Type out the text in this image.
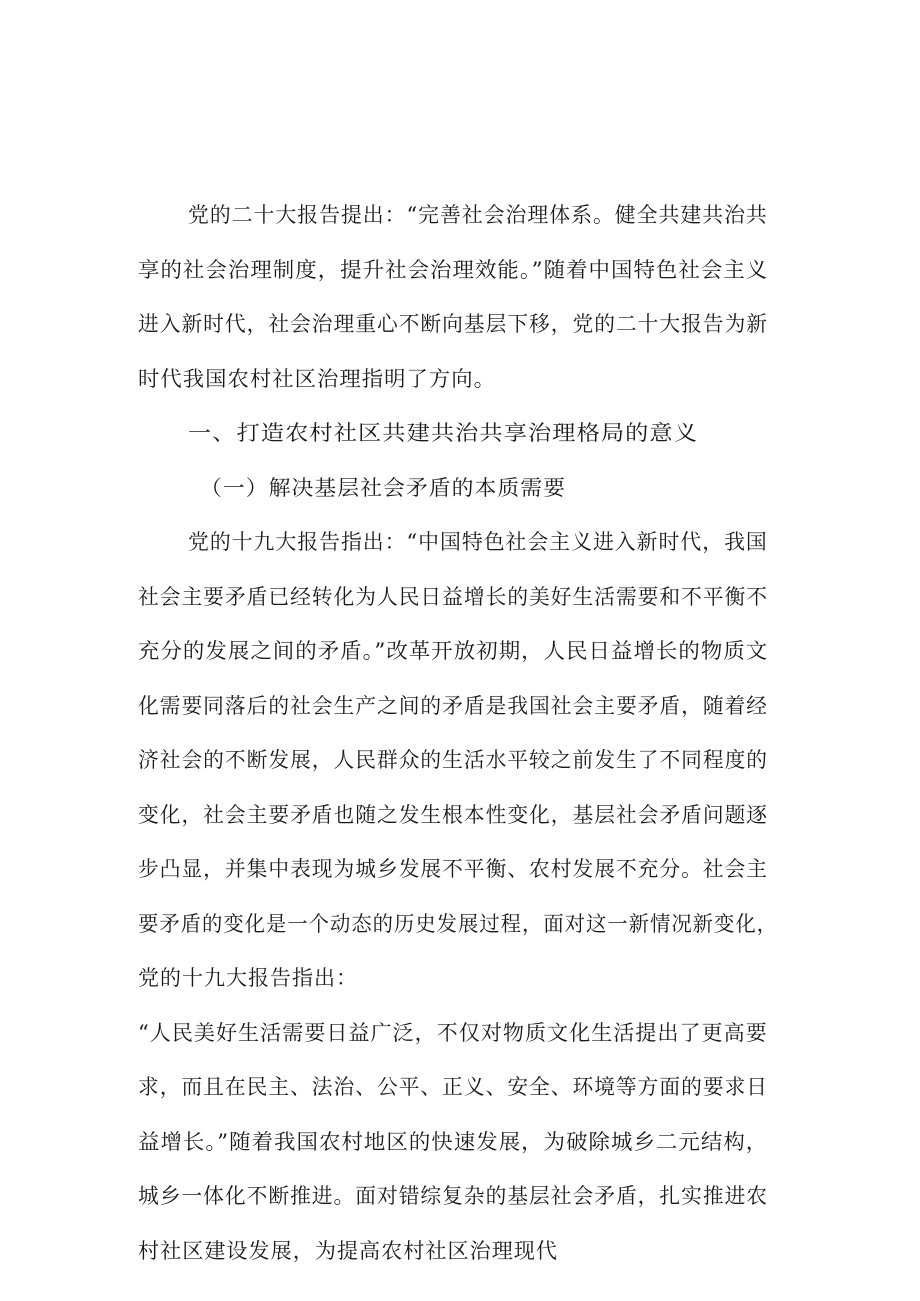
党的二十大报告提出：“完善社会治理体系。健全共建共治共
享的社会治理制度，提升社会治理效能。”随着中国特色社会主义
进入新时代，社会治理重心不断向基层下移，党的二十大报告为新
时代我国农村社区治理指明了方向。
一、打造农村社区共建共治共享治理格局的意义
（一）解决基层社会矛盾的本质需要
党的十九大报告指出：“中国特色社会主义进入新时代，我国
社会主要矛盾已经转化为人民日益增长的美好生活需要和不平衡不
充分的发展之间的矛盾。”改革开放初期，人民日益增长的物质文
化需要同落后的社会生产之间的矛盾是我国社会主要矛盾，随着经
济社会的不断发展，人民群众的生活水平较之前发生了不同程度的
变化，社会主要矛盾也随之发生根本性变化，基层社会矛盾问题逐
步凸显，并集中表现为城乡发展不平衡、农村发展不充分。社会主
要矛盾的变化是一个动态的历史发展过程，面对这一新情况新变化，
党的十九大报告指出：
“人民美好生活需要日益广泛，不仅对物质文化生活提出了更高要
求，而且在民主、法治、公平、正义、安全、环境等方面的要求日
益增长。”随着我国农村地区的快速发展，为破除城乡二元结构，
城乡一体化不断推进。面对错综复杂的基层社会矛盾，扎实推进农
村社区建设发展，为提高农村社区治理现代
